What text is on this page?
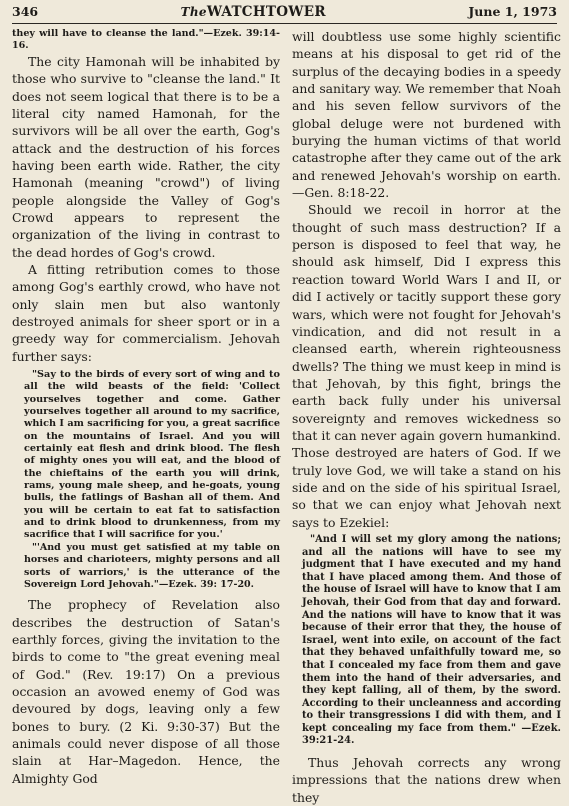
346	TheWATCHTOWER	June 1, 1973

they will have to cleanse the land."—Ezek. 39:14-16.

The city Hamonah will be inhabited by those who survive to "cleanse the land." It does not seem logical that there is to be a literal city named Hamonah, for the survivors will be all over the earth, Gog's attack and the destruction of his forces having been earth wide. Rather, the city Hamonah (meaning "crowd") of living people alongside the Valley of Gog's Crowd appears to represent the organization of the living in contrast to the dead hordes of Gog's crowd.

A fitting retribution comes to those among Gog's earthly crowd, who have not only slain men but also wantonly destroyed animals for sheer sport or in a greedy way for commercialism. Jehovah further says:

"Say to the birds of every sort of wing and to all the wild beasts of the field: 'Collect yourselves together and come. Gather yourselves together all around to my sacrifice, which I am sacrificing for you, a great sacrifice on the mountains of Israel. And you will certainly eat flesh and drink blood. The flesh of mighty ones you will eat, and the blood of the chieftains of the earth you will drink, rams, young male sheep, and he-goats, young bulls, the fatlings of Bashan all of them. And you will be certain to eat fat to satisfaction and to drink blood to drunkenness, from my sacrifice that I will sacrifice for you.'

"'And you must get satisfied at my table on horses and charioteers, mighty persons and all sorts of warriors,' is the utterance of the Sovereign Lord Jehovah."—Ezek. 39: 17-20.

The prophecy of Revelation also describes the destruction of Satan's earthly forces, giving the invitation to the birds to come to "the great evening meal of God." (Rev. 19:17) On a previous occasion an avowed enemy of God was devoured by dogs, leaving only a few bones to bury. (2 Ki. 9:30-37) But the animals could never dispose of all those slain at Har–Magedon. Hence, the Almighty God

will doubtless use some highly scientific means at his disposal to get rid of the surplus of the decaying bodies in a speedy and sanitary way. We remember that Noah and his seven fellow survivors of the global deluge were not burdened with burying the human victims of that world catastrophe after they came out of the ark and renewed Jehovah's worship on earth.—Gen. 8:18-22.

Should we recoil in horror at the thought of such mass destruction? If a person is disposed to feel that way, he should ask himself, Did I express this reaction toward World Wars I and II, or did I actively or tacitly support these gory wars, which were not fought for Jehovah's vindication, and did not result in a cleansed earth, wherein righteousness dwells? The thing we must keep in mind is that Jehovah, by this fight, brings the earth back fully under his universal sovereignty and removes wickedness so that it can never again govern humankind. Those destroyed are haters of God. If we truly love God, we will take a stand on his side and on the side of his spiritual Israel, so that we can enjoy what Jehovah next says to Ezekiel:

"And I will set my glory among the nations; and all the nations will have to see my judgment that I have executed and my hand that I have placed among them. And those of the house of Israel will have to know that I am Jehovah, their God from that day and forward. And the nations will have to know that it was because of their error that they, the house of Israel, went into exile, on account of the fact that they behaved unfaithfully toward me, so that I concealed my face from them and gave them into the hand of their adversaries, and they kept falling, all of them, by the sword. According to their uncleanness and according to their transgressions I did with them, and I kept concealing my face from them." —Ezek. 39:21-24.

Thus Jehovah corrects any wrong impressions that the nations drew when they
